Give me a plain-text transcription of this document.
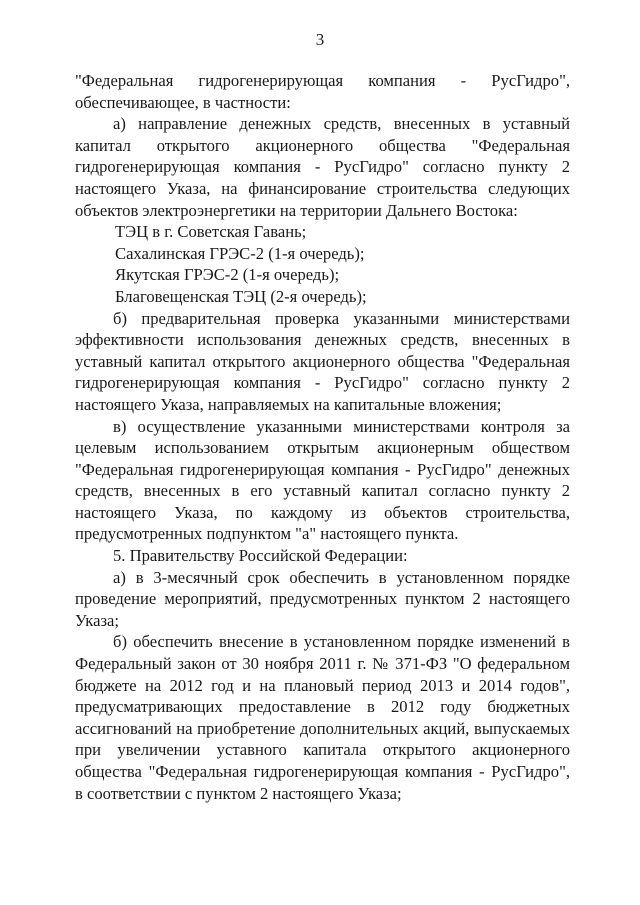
3
"Федеральная гидрогенерирующая компания - РусГидро",
обеспечивающее, в частности:
а) направление денежных средств, внесенных в уставный
капитал открытого акционерного общества "Федеральная
гидрогенерирующая компания - РусГидро" согласно пункту 2
настоящего Указа, на финансирование строительства следующих
объектов электроэнергетики на территории Дальнего Востока:
ТЭЦ в г. Советская Гавань;
Сахалинская ГРЭС-2 (1-я очередь);
Якутская ГРЭС-2 (1-я очередь);
Благовещенская ТЭЦ (2-я очередь);
б) предварительная проверка указанными министерствами
эффективности использования денежных средств, внесенных в
уставный капитал открытого акционерного общества "Федеральная
гидрогенерирующая компания - РусГидро" согласно пункту 2
настоящего Указа, направляемых на капитальные вложения;
в) осуществление указанными министерствами контроля за
целевым использованием открытым акционерным обществом
"Федеральная гидрогенерирующая компания - РусГидро" денежных
средств, внесенных в его уставный капитал согласно пункту 2
настоящего Указа, по каждому из объектов строительства,
предусмотренных подпунктом "а" настоящего пункта.
5. Правительству Российской Федерации:
а) в 3-месячный срок обеспечить в установленном порядке
проведение мероприятий, предусмотренных пунктом 2 настоящего
Указа;
б) обеспечить внесение в установленном порядке изменений в
Федеральный закон от 30 ноября 2011 г. № 371-ФЗ "О федеральном
бюджете на 2012 год и на плановый период 2013 и 2014 годов",
предусматривающих предоставление в 2012 году бюджетных
ассигнований на приобретение дополнительных акций, выпускаемых
при увеличении уставного капитала открытого акционерного
общества "Федеральная гидрогенерирующая компания - РусГидро",
в соответствии с пунктом 2 настоящего Указа;
